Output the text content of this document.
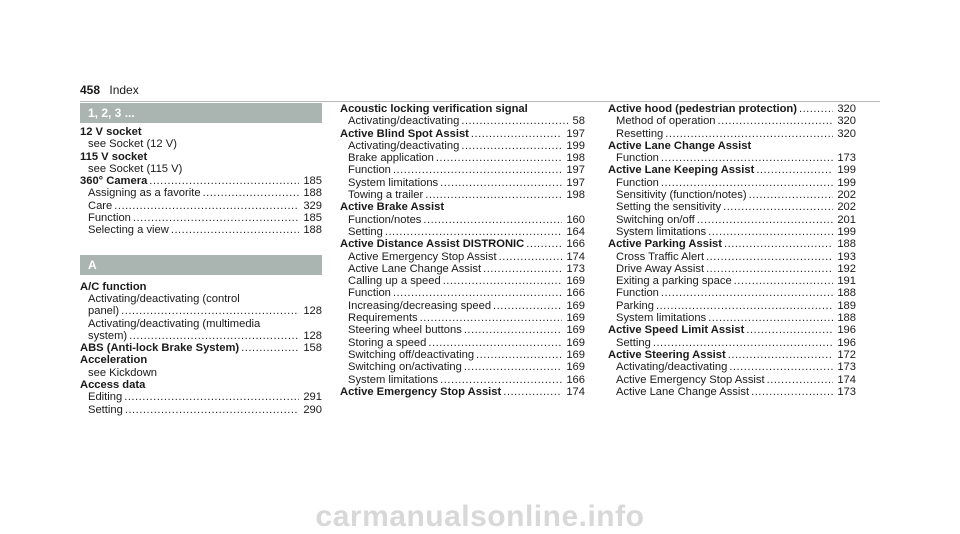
458 Index
1, 2, 3 ...
12 V socket
see Socket (12 V)
115 V socket
see Socket (115 V)
360° Camera .....	185
Assigning as a favorite .....	188
Care .....	329
Function .....	185
Selecting a view .....	188
A
A/C function
Activating/deactivating (control
panel) .....	128
Activating/deactivating (multimedia
system) .....	128
ABS (Anti-lock Brake System) .....	158
Acceleration
see Kickdown
Access data
Editing .....	291
Setting .....	290
Acoustic locking verification signal
Activating/deactivating .....	58
Active Blind Spot Assist .....	197
Activating/deactivating .....	199
Brake application .....	198
Function .....	197
System limitations .....	197
Towing a trailer .....	198
Active Brake Assist
Function/notes .....	160
Setting .....	164
Active Distance Assist DISTRONIC .....	166
Active Emergency Stop Assist .....	174
Active Lane Change Assist .....	173
Calling up a speed .....	169
Function .....	166
Increasing/decreasing speed .....	169
Requirements .....	169
Steering wheel buttons .....	169
Storing a speed .....	169
Switching off/deactivating .....	169
Switching on/activating .....	169
System limitations .....	166
Active Emergency Stop Assist .....	174
Active hood (pedestrian protection) .....	320
Method of operation .....	320
Resetting .....	320
Active Lane Change Assist
Function .....	173
Active Lane Keeping Assist .....	199
Function .....	199
Sensitivity (function/notes) .....	202
Setting the sensitivity .....	202
Switching on/off .....	201
System limitations .....	199
Active Parking Assist .....	188
Cross Traffic Alert .....	193
Drive Away Assist .....	192
Exiting a parking space .....	191
Function .....	188
Parking .....	189
System limitations .....	188
Active Speed Limit Assist .....	196
Setting .....	196
Active Steering Assist .....	172
Activating/deactivating .....	173
Active Emergency Stop Assist .....	174
Active Lane Change Assist .....	173
carmanualsonline.info
